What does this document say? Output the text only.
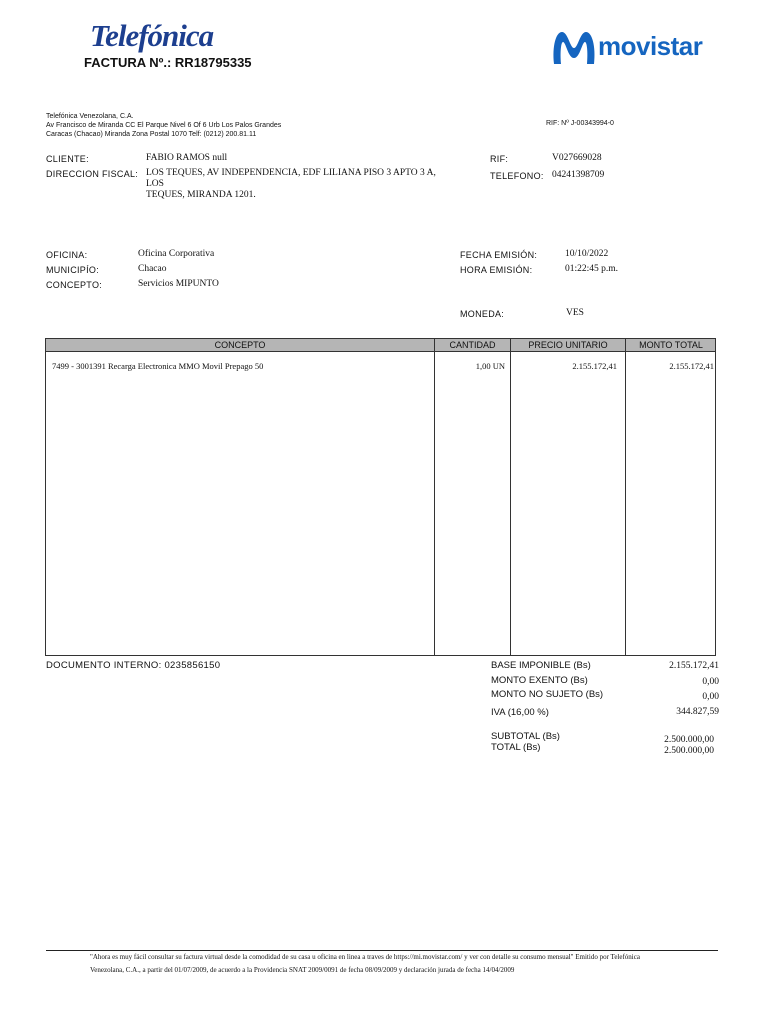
Telefónica
FACTURA Nº.: RR18795335
movistar
Telefónica Venezolana, C.A.
Av Francisco de Miranda CC El Parque Nivel 6 Of 6 Urb Los Palos Grandes
Caracas (Chacao) Miranda Zona Postal 1070 Telf: (0212) 200.81.11
RIF: Nº J-00343994-0
CLIENTE:	FABIO RAMOS null
DIRECCION FISCAL: LOS TEQUES, AV INDEPENDENCIA, EDF LILIANA PISO 3 APTO 3 A, LOS
TEQUES, MIRANDA 1201.
RIF:	V027669028
TELEFONO: 04241398709
OFICINA:	Oficina Corporativa
MUNICIPÍO:	Chacao
CONCEPTO:	Servicios MIPUNTO
FECHA EMISIÓN:	10/10/2022
HORA EMISIÓN:	01:22:45 p.m.
MONEDA:	VES
CONCEPTO	CANTIDAD	PRECIO UNITARIO	MONTO TOTAL
7499 - 3001391 Recarga Electronica MMO Movil Prepago 50	1,00 UN	2.155.172,41	2.155.172,41
DOCUMENTO INTERNO: 0235856150	BASE IMPONIBLE (Bs)	2.155.172,41
MONTO EXENTO (Bs)	0,00
MONTO NO SUJETO (Bs)	0,00
IVA (16,00 %)	344.827,59
SUBTOTAL (Bs)	2.500.000,00
TOTAL (Bs)	2.500.000,00
"Ahora es muy fácil consultar su factura virtual desde la comodidad de su casa u oficina en linea a traves de https://mi.movistar.com/ y ver con detalle su consumo mensual" Emitido por Telefónica
Venezolana, C.A., a partir del 01/07/2009, de acuerdo a la Providencia SNAT 2009/0091 de fecha 08/09/2009 y declaración jurada de fecha 14/04/2009
